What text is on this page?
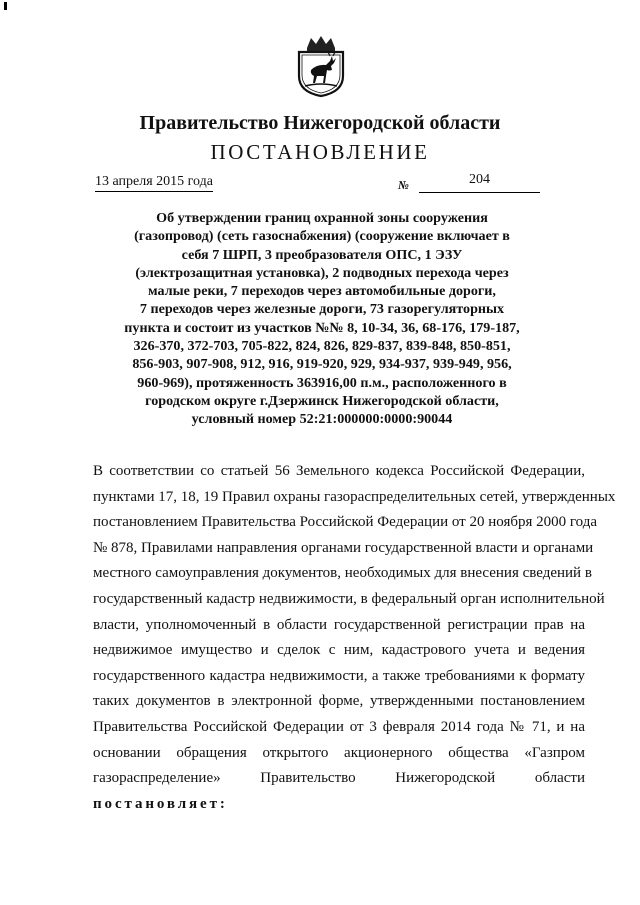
Правительство Нижегородской области
ПОСТАНОВЛЕНИЕ
13 апреля 2015 года	№	204
Об утверждении границ охранной зоны сооружения
(газопровод) (сеть газоснабжения) (сооружение включает в
себя 7 ШРП, 3 преобразователя ОПС, 1 ЭЗУ
(электрозащитная установка), 2 подводных перехода через
малые реки, 7 переходов через автомобильные дороги,
7 переходов через железные дороги, 73 газорегуляторных
пункта и состоит из участков №№ 8, 10-34, 36, 68-176, 179-187,
326-370, 372-703, 705-822, 824, 826, 829-837, 839-848, 850-851,
856-903, 907-908, 912, 916, 919-920, 929, 934-937, 939-949, 956,
960-969), протяженность 363916,00 п.м., расположенного в
городском округе г.Дзержинск Нижегородской области,
условный номер 52:21:000000:0000:90044
В соответствии со статьей 56 Земельного кодекса Российской Федерации,
пунктами 17, 18, 19 Правил охраны газораспределительных сетей, утвержденных
постановлением Правительства Российской Федерации от 20 ноября 2000 года
№ 878, Правилами направления органами государственной власти и органами
местного самоуправления документов, необходимых для внесения сведений в
государственный кадастр недвижимости, в федеральный орган исполнительной
власти, уполномоченный в области государственной регистрации прав на
недвижимое имущество и сделок с ним, кадастрового учета и ведения
государственного кадастра недвижимости, а также требованиями к формату
таких документов в электронной форме, утвержденными постановлением
Правительства Российской Федерации от 3 февраля 2014 года № 71, и на
основании обращения открытого акционерного общества «Газпром
газораспределение» Правительство Нижегородской области
постановляет:
